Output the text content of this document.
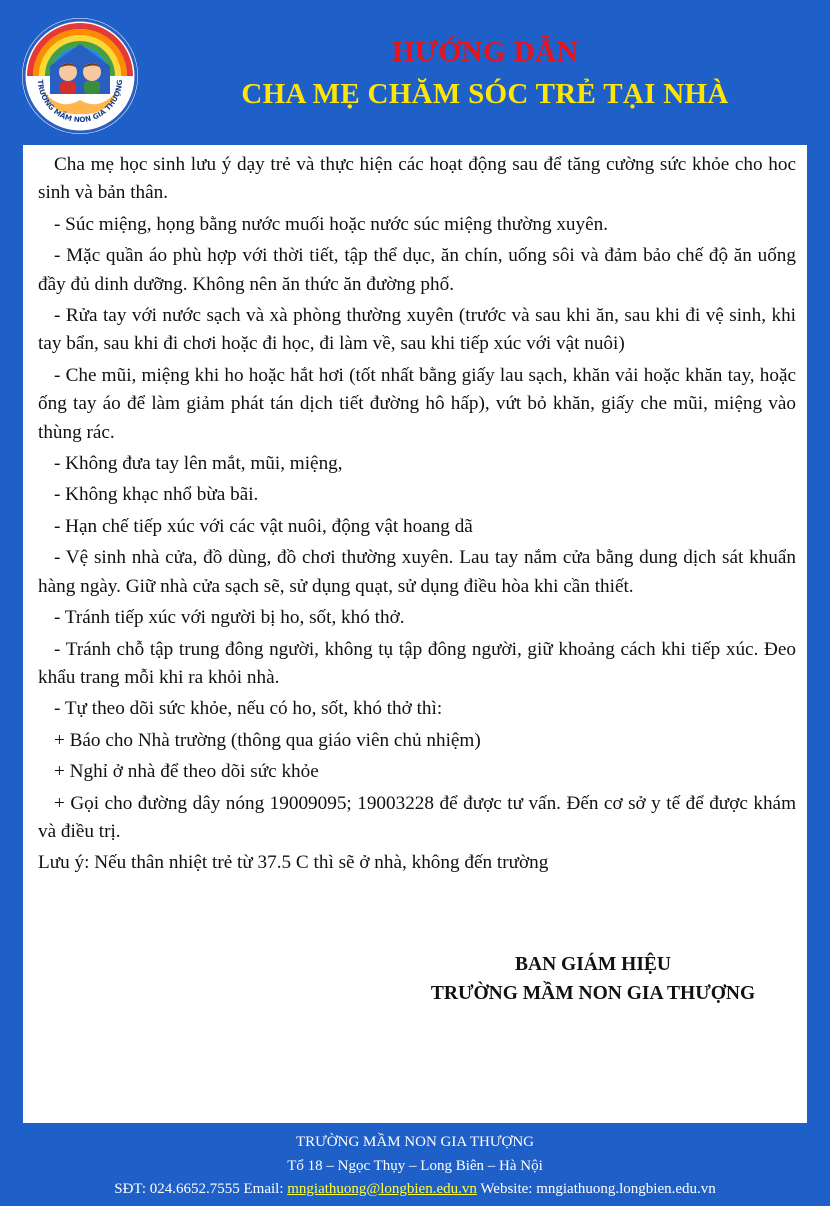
TRƯỜNG MẦM NON GIA THƯỢNG
HƯỚNG DẪN
CHA MẸ CHĂM SÓC TRẺ TẠI NHÀ

Cha mẹ học sinh lưu ý dạy trẻ và thực hiện các hoạt động sau để tăng cường sức khỏe cho hoc sinh và bản thân.

- Súc miệng, họng bằng nước muối hoặc nước súc miệng thường xuyên.

- Mặc quần áo phù hợp với thời tiết, tập thể dục, ăn chín, uống sôi và đảm bảo chế độ ăn uống đầy đủ dinh dưỡng. Không nên ăn thức ăn đường phố.

- Rửa tay với nước sạch và xà phòng thường xuyên (trước và sau khi ăn, sau khi đi vệ sinh, khi tay bẩn, sau khi đi chơi hoặc đi học, đi làm về, sau khi tiếp xúc với vật nuôi)

- Che mũi, miệng khi ho hoặc hắt hơi (tốt nhất bằng giấy lau sạch, khăn vải hoặc khăn tay, hoặc ống tay áo để làm giảm phát tán dịch tiết đường hô hấp), vứt bỏ khăn, giấy che mũi, miệng vào thùng rác.

- Không đưa tay lên mắt, mũi, miệng,

- Không khạc nhổ bừa bãi.

- Hạn chế tiếp xúc với các vật nuôi, động vật hoang dã

- Vệ sinh nhà cửa, đồ dùng, đồ chơi thường xuyên. Lau tay nắm cửa bằng dung dịch sát khuẩn hàng ngày. Giữ nhà cửa sạch sẽ, sử dụng quạt, sử dụng điều hòa khi cần thiết.

- Tránh tiếp xúc với người bị ho, sốt, khó thở.

- Tránh chỗ tập trung đông người, không tụ tập đông người, giữ khoảng cách khi tiếp xúc. Đeo khẩu trang mỗi khi ra khỏi nhà.

- Tự theo dõi sức khỏe, nếu có ho, sốt, khó thở thì:

+ Báo cho Nhà trường (thông qua giáo viên chủ nhiệm)

+ Nghỉ ở nhà để theo dõi sức khỏe

+ Gọi cho đường dây nóng 19009095; 19003228 để được tư vấn. Đến cơ sở y tế để được khám và điều trị.

Lưu ý: Nếu thân nhiệt trẻ từ 37.5 C thì sẽ ở nhà, không đến trường

BAN GIÁM HIỆU
TRƯỜNG MẦM NON GIA THƯỢNG
TRƯỜNG MẦM NON GIA THƯỢNG
Tổ 18 – Ngọc Thụy – Long Biên – Hà Nội
SĐT: 024.6652.7555 Email: mngiathuong@longbien.edu.vn Website: mngiathuong.longbien.edu.vn
